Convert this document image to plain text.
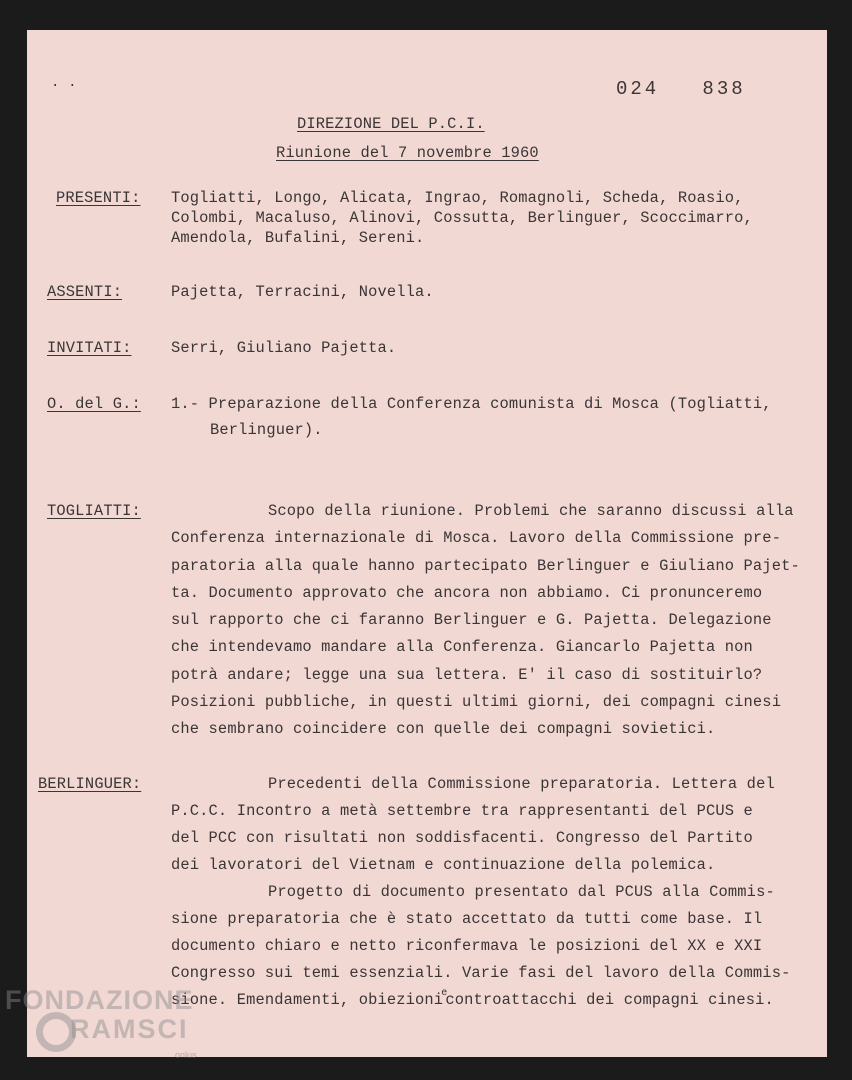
. .	024   838
DIREZIONE DEL P.C.I.
Riunione del 7 novembre 1960
PRESENTI: Togliatti, Longo, Alicata, Ingrao, Romagnoli, Scheda, Roasio,
Colombi, Macaluso, Alinovi, Cossutta, Berlinguer, Scoccimarro,
Amendola, Bufalini, Sereni.
ASSENTI:	Pajetta, Terracini, Novella.
INVITATI:	Serri, Giuliano Pajetta.
O. del G.: 1.- Preparazione della Conferenza comunista di Mosca (Togliatti,
Berlinguer).
TOGLIATTI:	Scopo della riunione. Problemi che saranno discussi alla
Conferenza internazionale di Mosca. Lavoro della Commissione pre-
paratoria alla quale hanno partecipato Berlinguer e Giuliano Pajet-
ta. Documento approvato che ancora non abbiamo. Ci pronunceremo
sul rapporto che ci faranno Berlinguer e G. Pajetta. Delegazione
che intendevamo mandare alla Conferenza. Giancarlo Pajetta non
potrà andare; legge una sua lettera. E' il caso di sostituirlo?
Posizioni pubbliche, in questi ultimi giorni, dei compagni cinesi
che sembrano coincidere con quelle dei compagni sovietici.
BERLINGUER:	Precedenti della Commissione preparatoria. Lettera del
P.C.C. Incontro a metà settembre tra rappresentanti del PCUS e
del PCC con risultati non soddisfacenti. Congresso del Partito
dei lavoratori del Vietnam e continuazione della polemica.
Progetto di documento presentato dal PCUS alla Commis-
sione preparatoria che è stato accettato da tutti come base. Il
documento chiaro e netto riconfermava le posizioni del XX e XXI
Congresso sui temi essenziali. Varie fasi del lavoro della Commis-
sione. Emendamenti, obiezioni$^e$controattacchi dei compagni cinesi.
FONDAZIONE
RAMSCI
onlus
